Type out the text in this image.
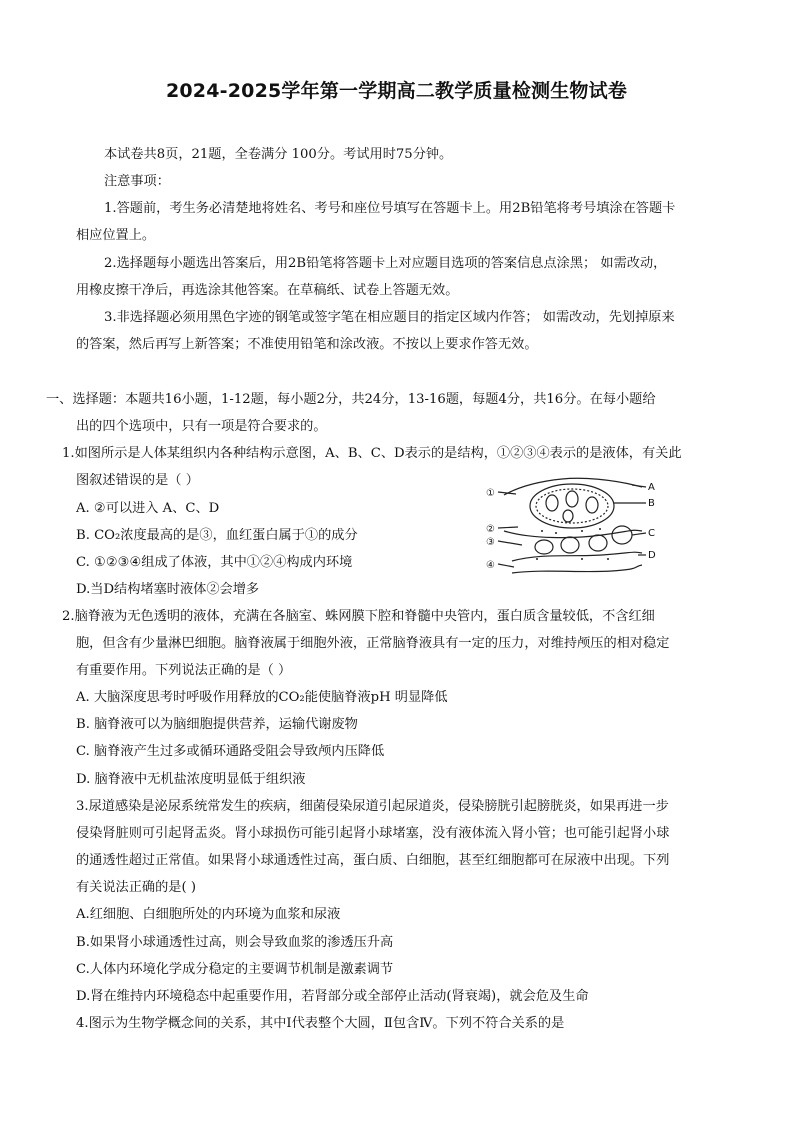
2024-2025学年第一学期高二教学质量检测生物试卷
本试卷共8页，21题，全卷满分 100分。考试用时75分钟。
注意事项：
1.答题前，考生务必清楚地将姓名、考号和座位号填写在答题卡上。用2B铅笔将考号填涂在答题卡
相应位置上。
2.选择题每小题选出答案后，用2B铅笔将答题卡上对应题目选项的答案信息点涂黑； 如需改动，
用橡皮擦干净后，再选涂其他答案。在草稿纸、试卷上答题无效。
3.非选择题必须用黑色字迹的钢笔或签字笔在相应题目的指定区域内作答； 如需改动，先划掉原来
的答案，然后再写上新答案；不准使用铅笔和涂改液。不按以上要求作答无效。
一、选择题：本题共16小题，1-12题，每小题2分，共24分，13-16题，每题4分，共16分。在每小题给
出的四个选项中，只有一项是符合要求的。
1.如图所示是人体某组织内各种结构示意图，A、B、C、D表示的是结构，①②③④表示的是液体，有关此
图叙述错误的是（ ）
A. ②可以进入 A、C、D
B. CO₂浓度最高的是③，血红蛋白属于①的成分
C. ①②③④组成了体液，其中①②④构成内环境
D.当D结构堵塞时液体②会增多
①
②
③
④
A
B
C
D
2.脑脊液为无色透明的液体，充满在各脑室、蛛网膜下腔和脊髓中央管内，蛋白质含量较低，不含红细
胞，但含有少量淋巴细胞。脑脊液属于细胞外液，正常脑脊液具有一定的压力，对维持颅压的相对稳定
有重要作用。下列说法正确的是（ ）
A. 大脑深度思考时呼吸作用释放的CO₂能使脑脊液pH 明显降低
B. 脑脊液可以为脑细胞提供营养，运输代谢废物
C. 脑脊液产生过多或循环通路受阻会导致颅内压降低
D. 脑脊液中无机盐浓度明显低于组织液
3.尿道感染是泌尿系统常发生的疾病，细菌侵染尿道引起尿道炎，侵染膀胱引起膀胱炎，如果再进一步
侵染肾脏则可引起肾盂炎。肾小球损伤可能引起肾小球堵塞，没有液体流入肾小管；也可能引起肾小球
的通透性超过正常值。如果肾小球通透性过高，蛋白质、白细胞，甚至红细胞都可在尿液中出现。下列
有关说法正确的是( )
A.红细胞、白细胞所处的内环境为血浆和尿液
B.如果肾小球通透性过高，则会导致血浆的渗透压升高
C.人体内环境化学成分稳定的主要调节机制是激素调节
D.肾在维持内环境稳态中起重要作用，若肾部分或全部停止活动(肾衰竭)，就会危及生命
4.图示为生物学概念间的关系，其中Ⅰ代表整个大圆，Ⅱ包含Ⅳ。下列不符合关系的是
